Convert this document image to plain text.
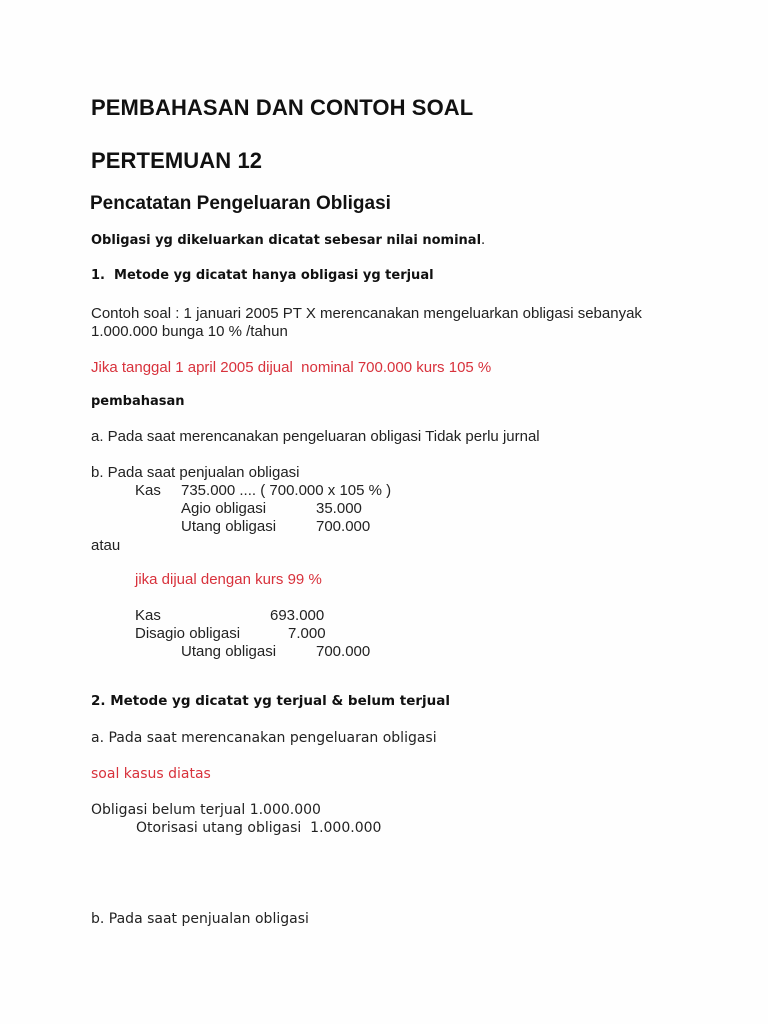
PEMBAHASAN DAN CONTOH SOAL
PERTEMUAN 12
Pencatatan Pengeluaran Obligasi
Obligasi yg dikeluarkan dicatat sebesar nilai nominal.
1.  Metode yg dicatat hanya obligasi yg terjual
Contoh soal : 1 januari 2005 PT X merencanakan mengeluarkan obligasi sebanyak
1.000.000 bunga 10 % /tahun
Jika tanggal 1 april 2005 dijual  nominal 700.000 kurs 105 %
pembahasan
a. Pada saat merencanakan pengeluaran obligasi Tidak perlu jurnal
b. Pada saat penjualan obligasi
Kas 735.000 .... ( 700.000 x 105 % )
Agio obligasi	35.000
Utang obligasi	700.000
atau
jika dijual dengan kurs 99 %
Kas	693.000
Disagio obligasi	7.000
Utang obligasi	700.000
2. Metode yg dicatat yg terjual & belum terjual
a. Pada saat merencanakan pengeluaran obligasi
soal kasus diatas
Obligasi belum terjual 1.000.000
Otorisasi utang obligasi 1.000.000
b. Pada saat penjualan obligasi
